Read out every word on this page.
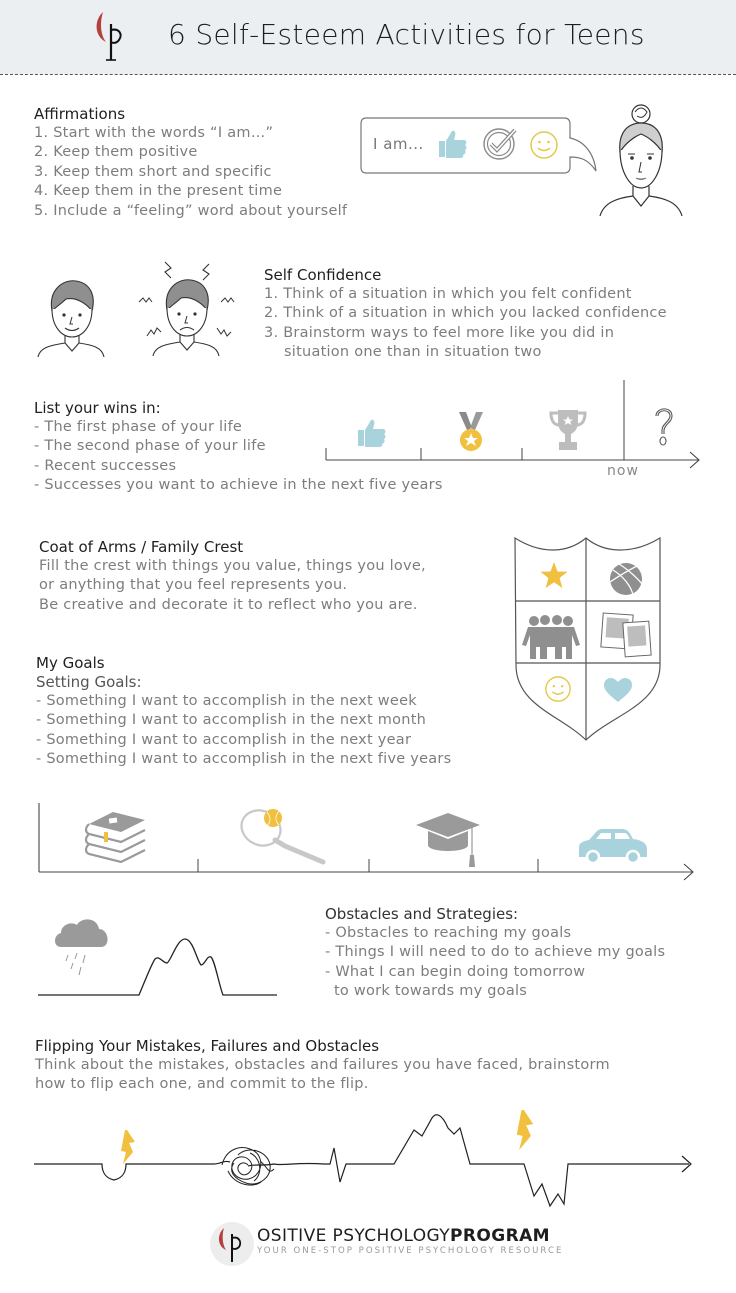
6 Self-Esteem Activities for Teens
Affirmations
1. Start with the words “I am…”
2. Keep them positive
3. Keep them short and specific
4. Keep them in the present time
5. Include a “feeling” word about yourself
I am...
Self Confidence
1. Think of a situation in which you felt confident
2. Think of a situation in which you lacked confidence
3. Brainstorm ways to feel more like you did in
situation one than in situation two
List your wins in:
- The first phase of your life
- The second phase of your life
- Recent successes
- Successes you want to achieve in the next five years
now
Coat of Arms / Family Crest
Fill the crest with things you value, things you love,
or anything that you feel represents you.
Be creative and decorate it to reflect who you are.
My Goals
Setting Goals:
- Something I want to accomplish in the next week
- Something I want to accomplish in the next month
- Something I want to accomplish in the next year
- Something I want to accomplish in the next five years
Obstacles and Strategies:
- Obstacles to reaching my goals
- Things I will need to do to achieve my goals
- What I can begin doing tomorrow
to work towards my goals
Flipping Your Mistakes, Failures and Obstacles
Think about the mistakes, obstacles and failures you have faced, brainstorm
how to flip each one, and commit to the flip.
OSITIVE PSYCHOLOGYPROGRAM
YOUR ONE-STOP POSITIVE PSYCHOLOGY RESOURCE
